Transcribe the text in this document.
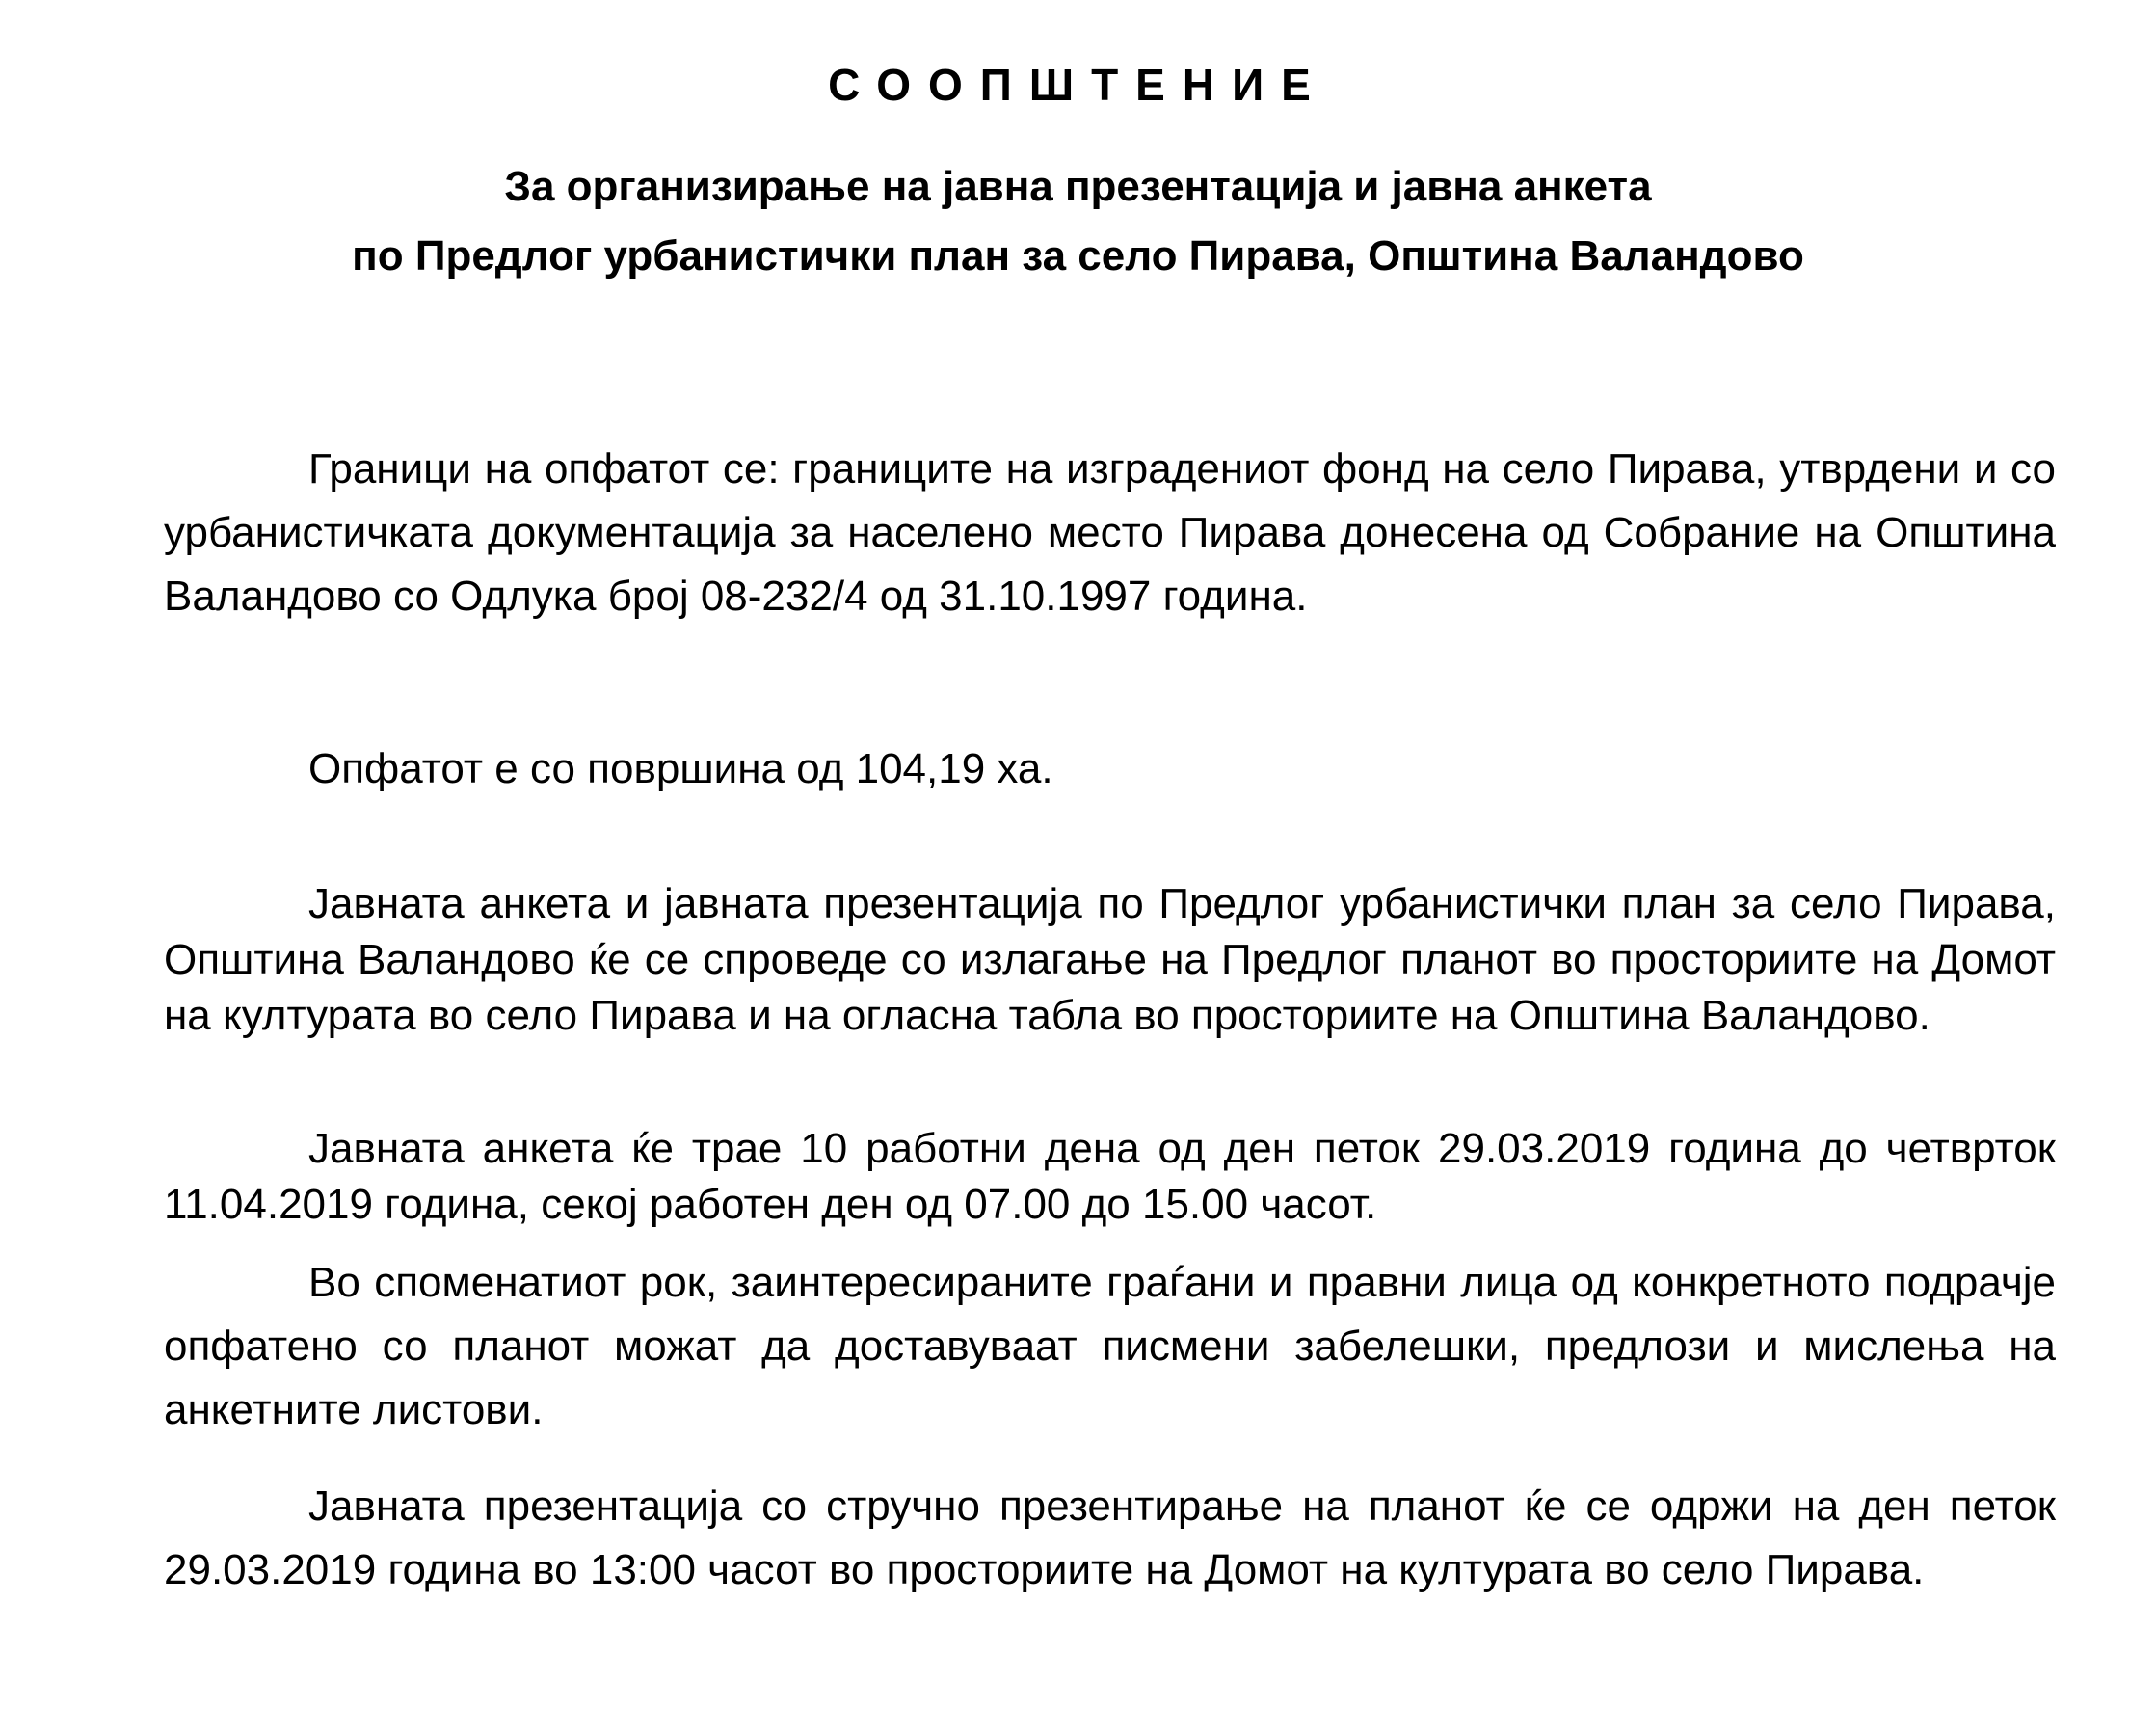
СООПШТЕНИЕ
За организирање на јавна презентација и јавна анкета
по Предлог урбанистички план за село Пирава, Општина Валандово

Граници на опфатот се: границите на изградениот фонд на село Пирава, утврдени и со урбанистичката документација за населено место Пирава донесена од Собрание на Општина Валандово со Одлука број 08-232/4 од 31.10.1997 година.

Опфатот е со површина од 104,19 ха.

Јавната анкета и јавната презентација по Предлог урбанистички план за село Пирава, Општина Валандово ќе се спроведе со излагање на Предлог планот во просториите на Домот на културата во село Пирава и на огласна табла во просториите на Општина Валандово.

Јавната анкета ќе трае 10 работни дена од ден петок 29.03.2019 година до четврток 11.04.2019 година, секој работен ден од 07.00 до 15.00 часот.

Во споменатиот рок, заинтересираните граѓани и правни лица од конкретното подрачје опфатено со планот можат да доставуваат писмени забелешки, предлози и мислења на анкетните листови.

Јавната презентација со стручно презентирање на планот ќе се одржи на ден петок 29.03.2019 година во 13:00 часот во просториите на Домот на културата во село Пирава.
